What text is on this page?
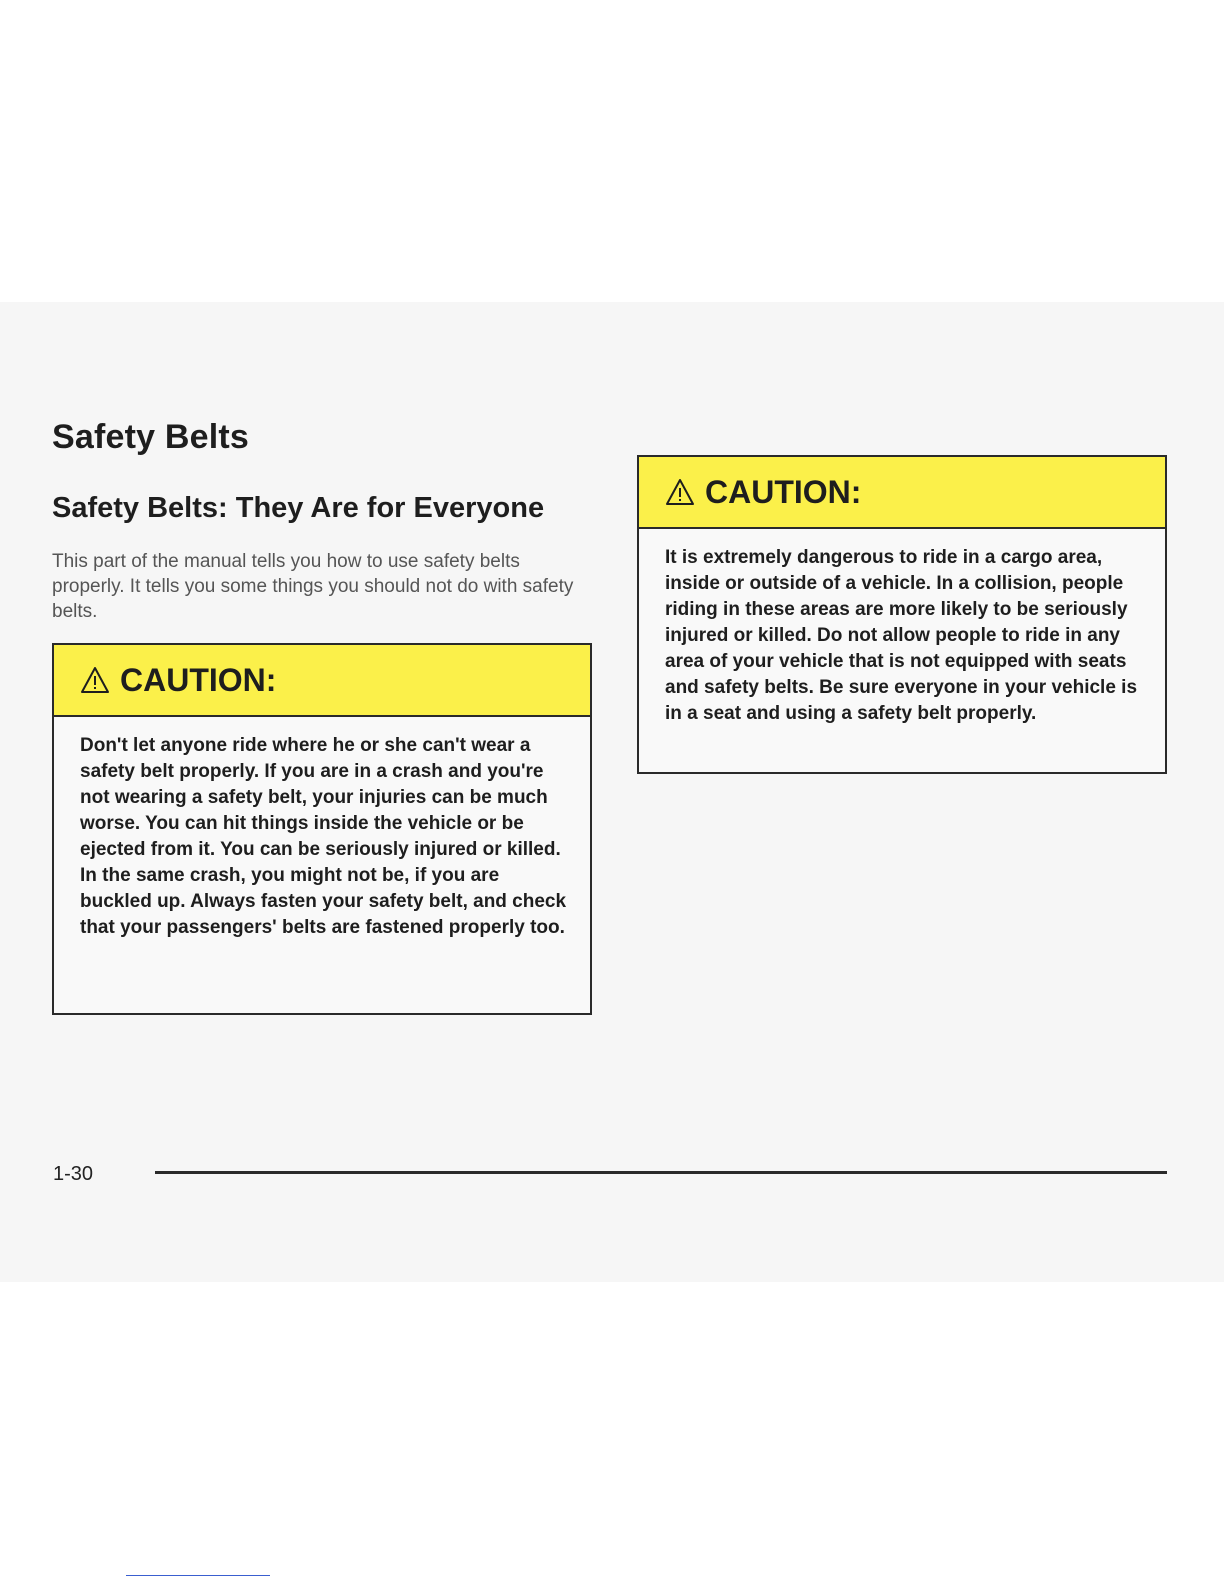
Safety Belts
Safety Belts: They Are for Everyone

This part of the manual tells you how to use safety belts properly. It tells you some things you should not do with safety belts.

CAUTION:

Don't let anyone ride where he or she can't wear a safety belt properly. If you are in a crash and you're not wearing a safety belt, your injuries can be much worse. You can hit things inside the vehicle or be ejected from it. You can be seriously injured or killed. In the same crash, you might not be, if you are buckled up. Always fasten your safety belt, and check that your passengers' belts are fastened properly too.

CAUTION:

It is extremely dangerous to ride in a cargo area, inside or outside of a vehicle. In a collision, people riding in these areas are more likely to be seriously injured or killed. Do not allow people to ride in any area of your vehicle that is not equipped with seats and safety belts. Be sure everyone in your vehicle is in a seat and using a safety belt properly.

1-30
